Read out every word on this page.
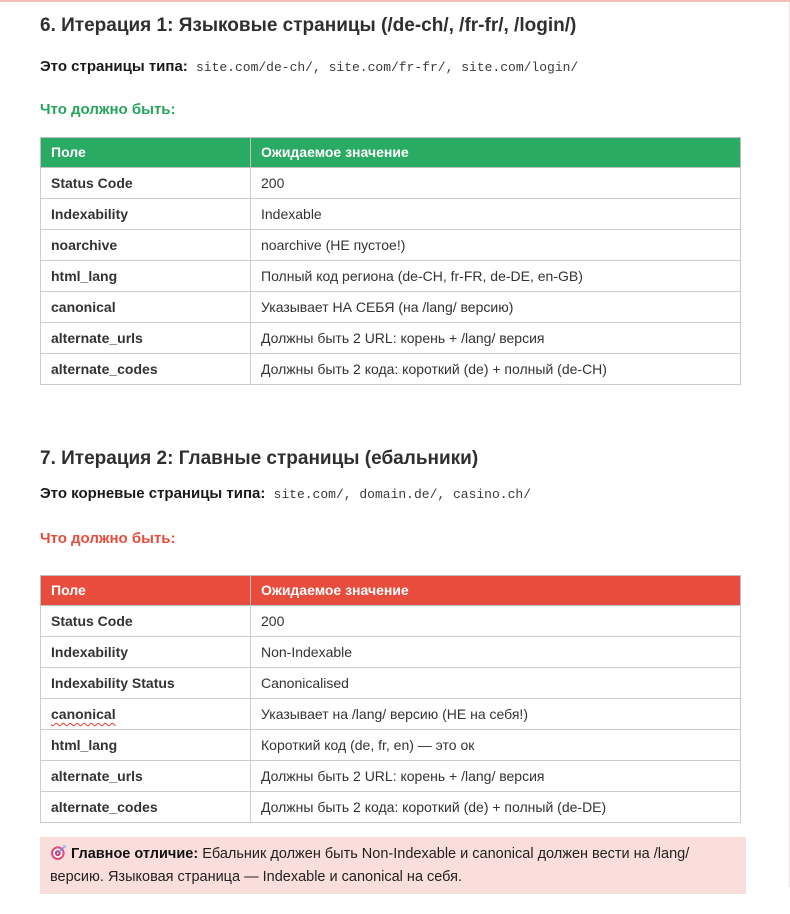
6. Итерация 1: Языковые страницы (/de-ch/, /fr-fr/, /login/)

Это страницы типа: site.com/de-ch/, site.com/fr-fr/, site.com/login/

Что должно быть:

Поле	Ожидаемое значение
Status Code	200
Indexability	Indexable
noarchive	noarchive (НЕ пустое!)
html_lang	Полный код региона (de-CH, fr-FR, de-DE, en-GB)
canonical	Указывает НА СЕБЯ (на /lang/ версию)
alternate_urls	Должны быть 2 URL: корень + /lang/ версия
alternate_codes	Должны быть 2 кода: короткий (de) + полный (de-CH)
7. Итерация 2: Главные страницы (ебальники)

Это корневые страницы типа: site.com/, domain.de/, casino.ch/

Что должно быть:

Поле	Ожидаемое значение
Status Code	200
Indexability	Non-Indexable
Indexability Status	Canonicalised
canonical	Указывает на /lang/ версию (НЕ на себя!)
html_lang	Короткий код (de, fr, en) — это ок
alternate_urls	Должны быть 2 URL: корень + /lang/ версия
alternate_codes	Должны быть 2 кода: короткий (de) + полный (de-DE)
Главное отличие: Ебальник должен быть Non-Indexable и canonical должен вести на /lang/ версию. Языковая страница — Indexable и canonical на себя.
